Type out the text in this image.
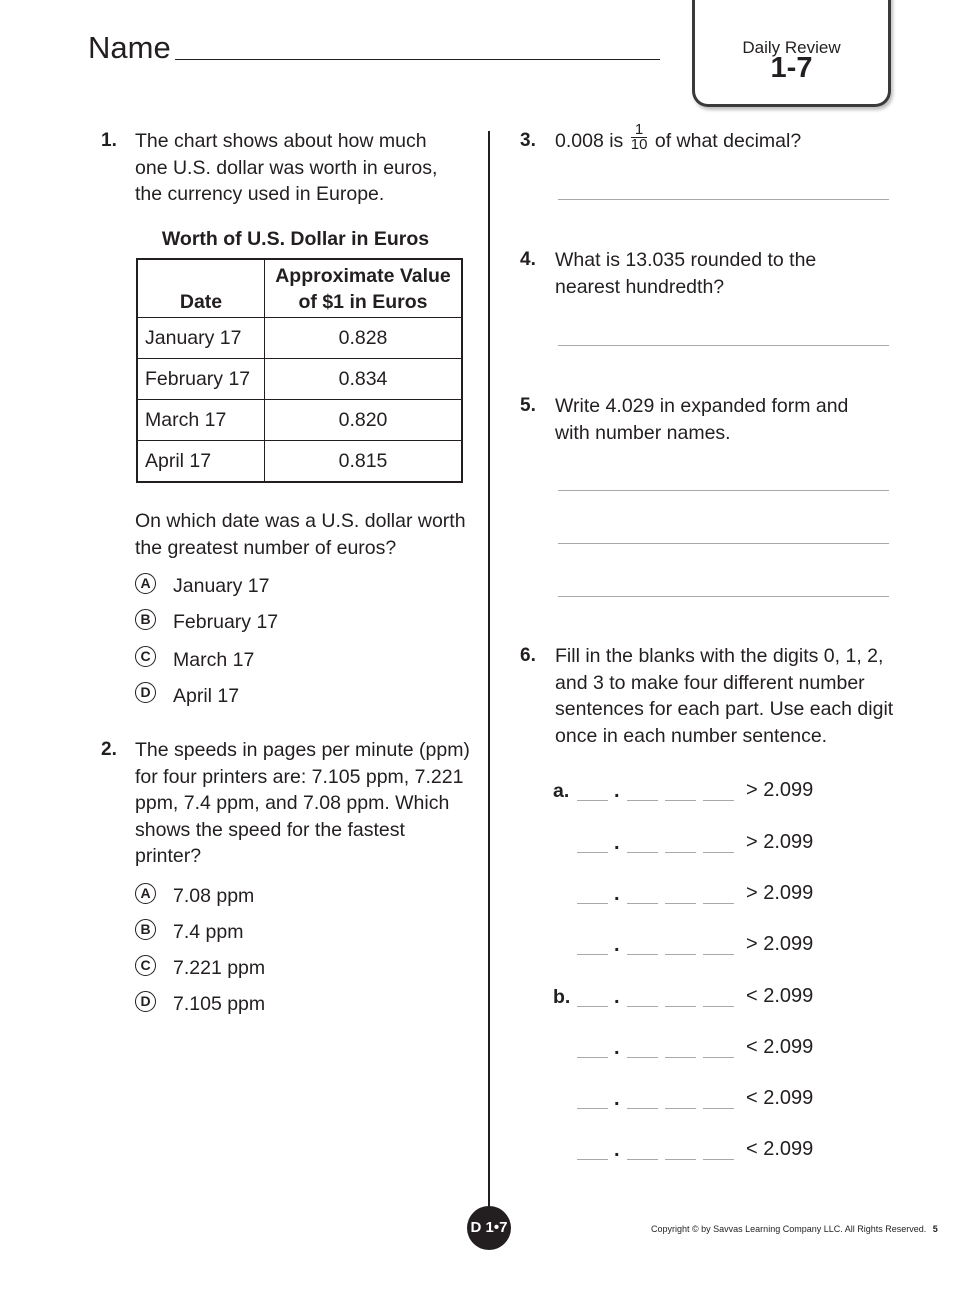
Name	Daily Review
1-7
1. The chart shows about how much one U.S. dollar was worth in euros, the currency used in Europe.
Worth of U.S. Dollar in Euros
Date	Approximate Value of $1 in Euros
January 17	0.828
February 17	0.834
March 17	0.820
April 17	0.815
On which date was a U.S. dollar worth the greatest number of euros?
A January 17
B February 17
C March 17
D April 17
2. The speeds in pages per minute (ppm) for four printers are: 7.105 ppm, 7.221 ppm, 7.4 ppm, and 7.08 ppm. Which shows the speed for the fastest printer?
A 7.08 ppm
B 7.4 ppm
C 7.221 ppm
D 7.105 ppm
3. 0.008 is $\frac{1}{10}$ of what decimal?
4. What is 13.035 rounded to the nearest hundredth?
5. Write 4.029 in expanded form and with number names.
6. Fill in the blanks with the digits 0, 1, 2, and 3 to make four different number sentences for each part. Use each digit once in each number sentence.
a. .	> 2.099
.	> 2.099
.	> 2.099
.	> 2.099
b. .	< 2.099
.	< 2.099
.	< 2.099
.	< 2.099
D 1•7	Copyright © by Savvas Learning Company LLC. All Rights Reserved. 5
